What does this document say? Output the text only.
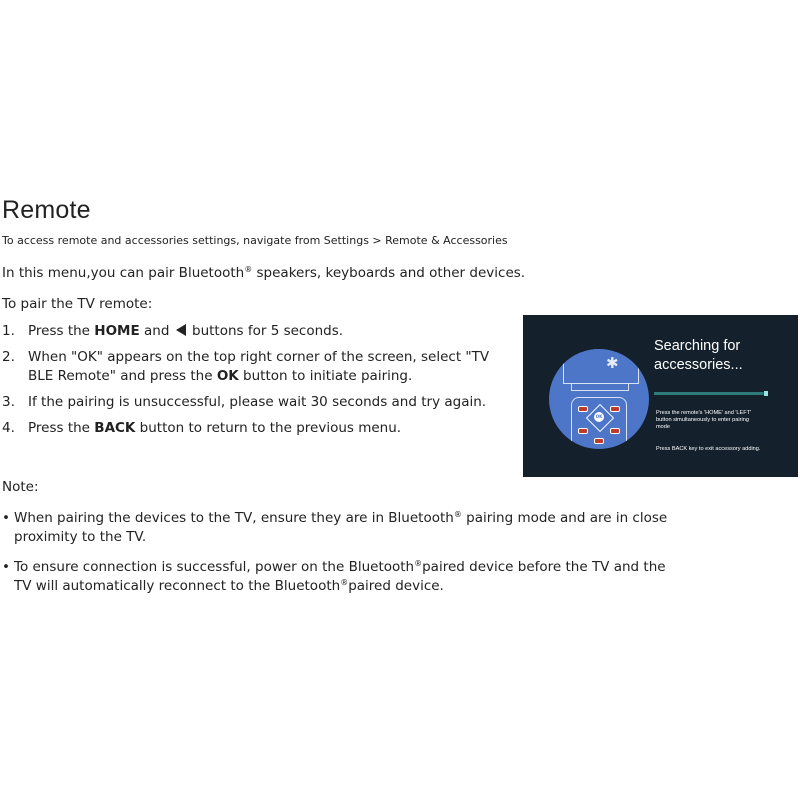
Remote
To access remote and accessories settings, navigate from Settings > Remote & Accessories
In this menu,you can pair Bluetooth® speakers, keyboards and other devices.
To pair the TV remote:
1. Press the HOME and  buttons for 5 seconds.
2. When "OK" appears on the top right corner of the screen, select "TV BLE Remote" and press the OK button to initiate pairing.
3. If the pairing is unsuccessful, please wait 30 seconds and try again.
4. Press the BACK button to return to the previous menu.
✱
OK
Searching for accessories...
Press the remote's 'HOME' and 'LEFT' button simultaneously to enter pairing mode
Press BACK key to exit accessory adding.
Note:
• When pairing the devices to the TV, ensure they are in Bluetooth® pairing mode and are in close proximity to the TV.
• To ensure connection is successful, power on the Bluetooth®paired device before the TV and the TV will automatically reconnect to the Bluetooth®paired device.
